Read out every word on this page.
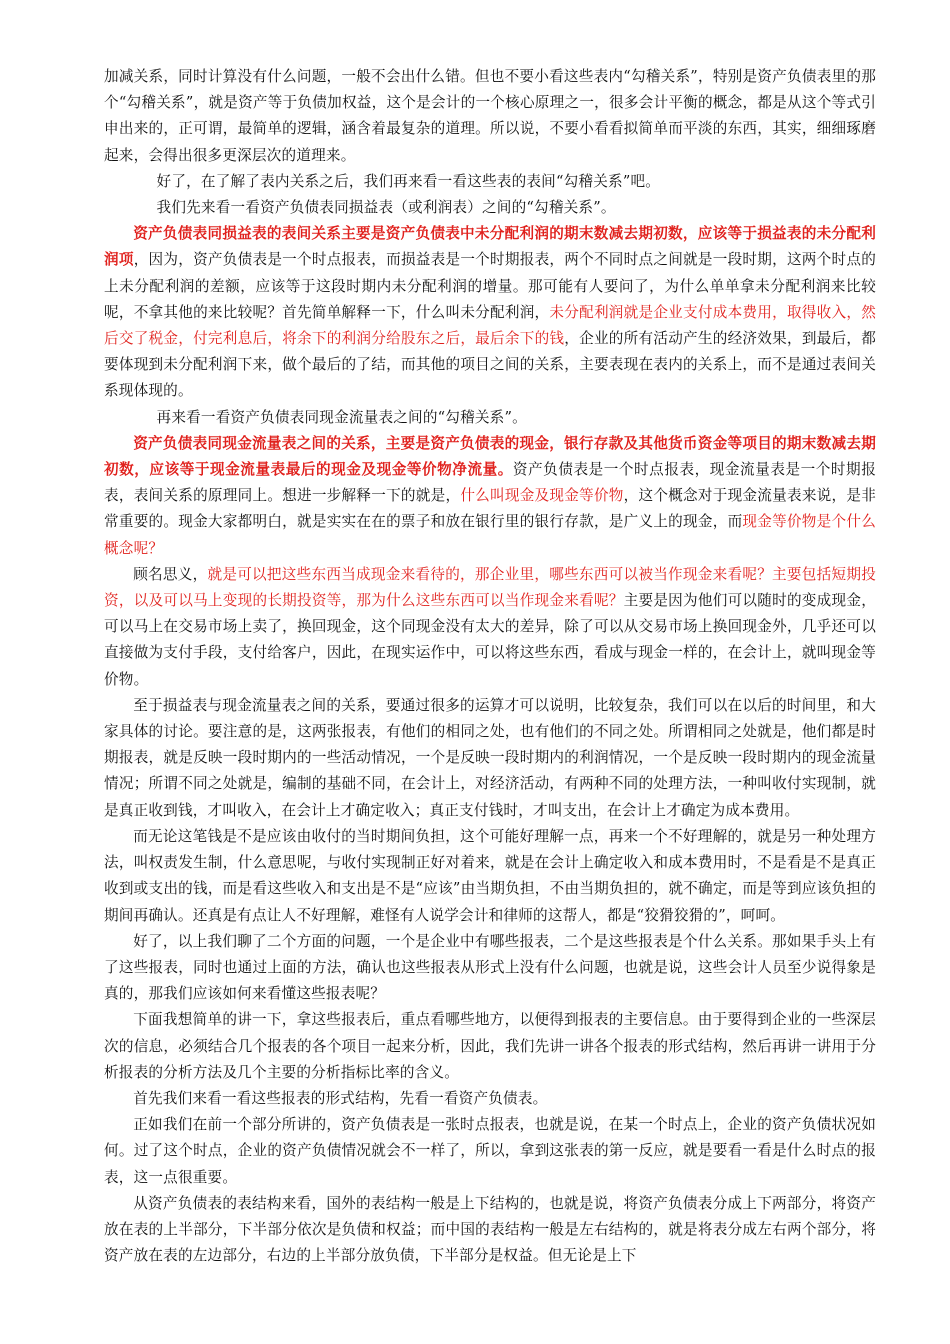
加减关系，同时计算没有什么问题，一般不会出什么错。但也不要小看这些表内“勾稽关系”，特别是资产负债表里的那个“勾稽关系”，就是资产等于负债加权益，这个是会计的一个核心原理之一，很多会计平衡的概念，都是从这个等式引申出来的，正可谓，最简单的逻辑，涵含着最复杂的道理。所以说，不要小看看拟简单而平淡的东西，其实，细细琢磨起来，会得出很多更深层次的道理来。

好了，在了解了表内关系之后，我们再来看一看这些表的表间“勾稽关系”吧。

我们先来看一看资产负债表同损益表（或利润表）之间的“勾稽关系”。

资产负债表同损益表的表间关系主要是资产负债表中未分配利润的期末数减去期初数，应该等于损益表的未分配利润项，因为，资产负债表是一个时点报表，而损益表是一个时期报表，两个不同时点之间就是一段时期，这两个时点的上未分配利润的差额，应该等于这段时期内未分配利润的增量。那可能有人要问了，为什么单单拿未分配利润来比较呢，不拿其他的来比较呢？首先简单解释一下，什么叫未分配利润，未分配利润就是企业支付成本费用，取得收入，然后交了税金，付完利息后，将余下的利润分给股东之后，最后余下的钱，企业的所有活动产生的经济效果，到最后，都要体现到未分配利润下来，做个最后的了结，而其他的项目之间的关系，主要表现在表内的关系上，而不是通过表间关系现体现的。

再来看一看资产负债表同现金流量表之间的“勾稽关系”。

资产负债表同现金流量表之间的关系，主要是资产负债表的现金，银行存款及其他货币资金等项目的期末数减去期初数，应该等于现金流量表最后的现金及现金等价物净流量。资产负债表是一个时点报表，现金流量表是一个时期报表，表间关系的原理同上。想进一步解释一下的就是，什么叫现金及现金等价物，这个概念对于现金流量表来说，是非常重要的。现金大家都明白，就是实实在在的票子和放在银行里的银行存款，是广义上的现金，而现金等价物是个什么概念呢？

顾名思义，就是可以把这些东西当成现金来看待的，那企业里，哪些东西可以被当作现金来看呢？主要包括短期投资，以及可以马上变现的长期投资等，那为什么这些东西可以当作现金来看呢？主要是因为他们可以随时的变成现金，可以马上在交易市场上卖了，换回现金，这个同现金没有太大的差异，除了可以从交易市场上换回现金外，几乎还可以直接做为支付手段，支付给客户，因此，在现实运作中，可以将这些东西，看成与现金一样的，在会计上，就叫现金等价物。

至于损益表与现金流量表之间的关系，要通过很多的运算才可以说明，比较复杂，我们可以在以后的时间里，和大家具体的讨论。要注意的是，这两张报表，有他们的相同之处，也有他们的不同之处。所谓相同之处就是，他们都是时期报表，就是反映一段时期内的一些活动情况，一个是反映一段时期内的利润情况，一个是反映一段时期内的现金流量情况；所谓不同之处就是，编制的基础不同，在会计上，对经济活动，有两种不同的处理方法，一种叫收付实现制，就是真正收到钱，才叫收入，在会计上才确定收入；真正支付钱时，才叫支出，在会计上才确定为成本费用。

而无论这笔钱是不是应该由收付的当时期间负担，这个可能好理解一点，再来一个不好理解的，就是另一种处理方法，叫权责发生制，什么意思呢，与收付实现制正好对着来，就是在会计上确定收入和成本费用时，不是看是不是真正收到或支出的钱，而是看这些收入和支出是不是“应该”由当期负担，不由当期负担的，就不确定，而是等到应该负担的期间再确认。还真是有点让人不好理解，难怪有人说学会计和律师的这帮人，都是“狡猾狡猾的”，呵呵。

好了，以上我们聊了二个方面的问题，一个是企业中有哪些报表，二个是这些报表是个什么关系。那如果手头上有了这些报表，同时也通过上面的方法，确认也这些报表从形式上没有什么问题，也就是说，这些会计人员至少说得象是真的，那我们应该如何来看懂这些报表呢？

下面我想简单的讲一下，拿这些报表后，重点看哪些地方，以便得到报表的主要信息。由于要得到企业的一些深层次的信息，必须结合几个报表的各个项目一起来分析，因此，我们先讲一讲各个报表的形式结构，然后再讲一讲用于分析报表的分析方法及几个主要的分析指标比率的含义。

首先我们来看一看这些报表的形式结构，先看一看资产负债表。

正如我们在前一个部分所讲的，资产负债表是一张时点报表，也就是说，在某一个时点上，企业的资产负债状况如何。过了这个时点，企业的资产负债情况就会不一样了，所以，拿到这张表的第一反应，就是要看一看是什么时点的报表，这一点很重要。

从资产负债表的表结构来看，国外的表结构一般是上下结构的，也就是说，将资产负债表分成上下两部分，将资产放在表的上半部分，下半部分依次是负债和权益；而中国的表结构一般是左右结构的，就是将表分成左右两个部分，将资产放在表的左边部分，右边的上半部分放负债，下半部分是权益。但无论是上下
